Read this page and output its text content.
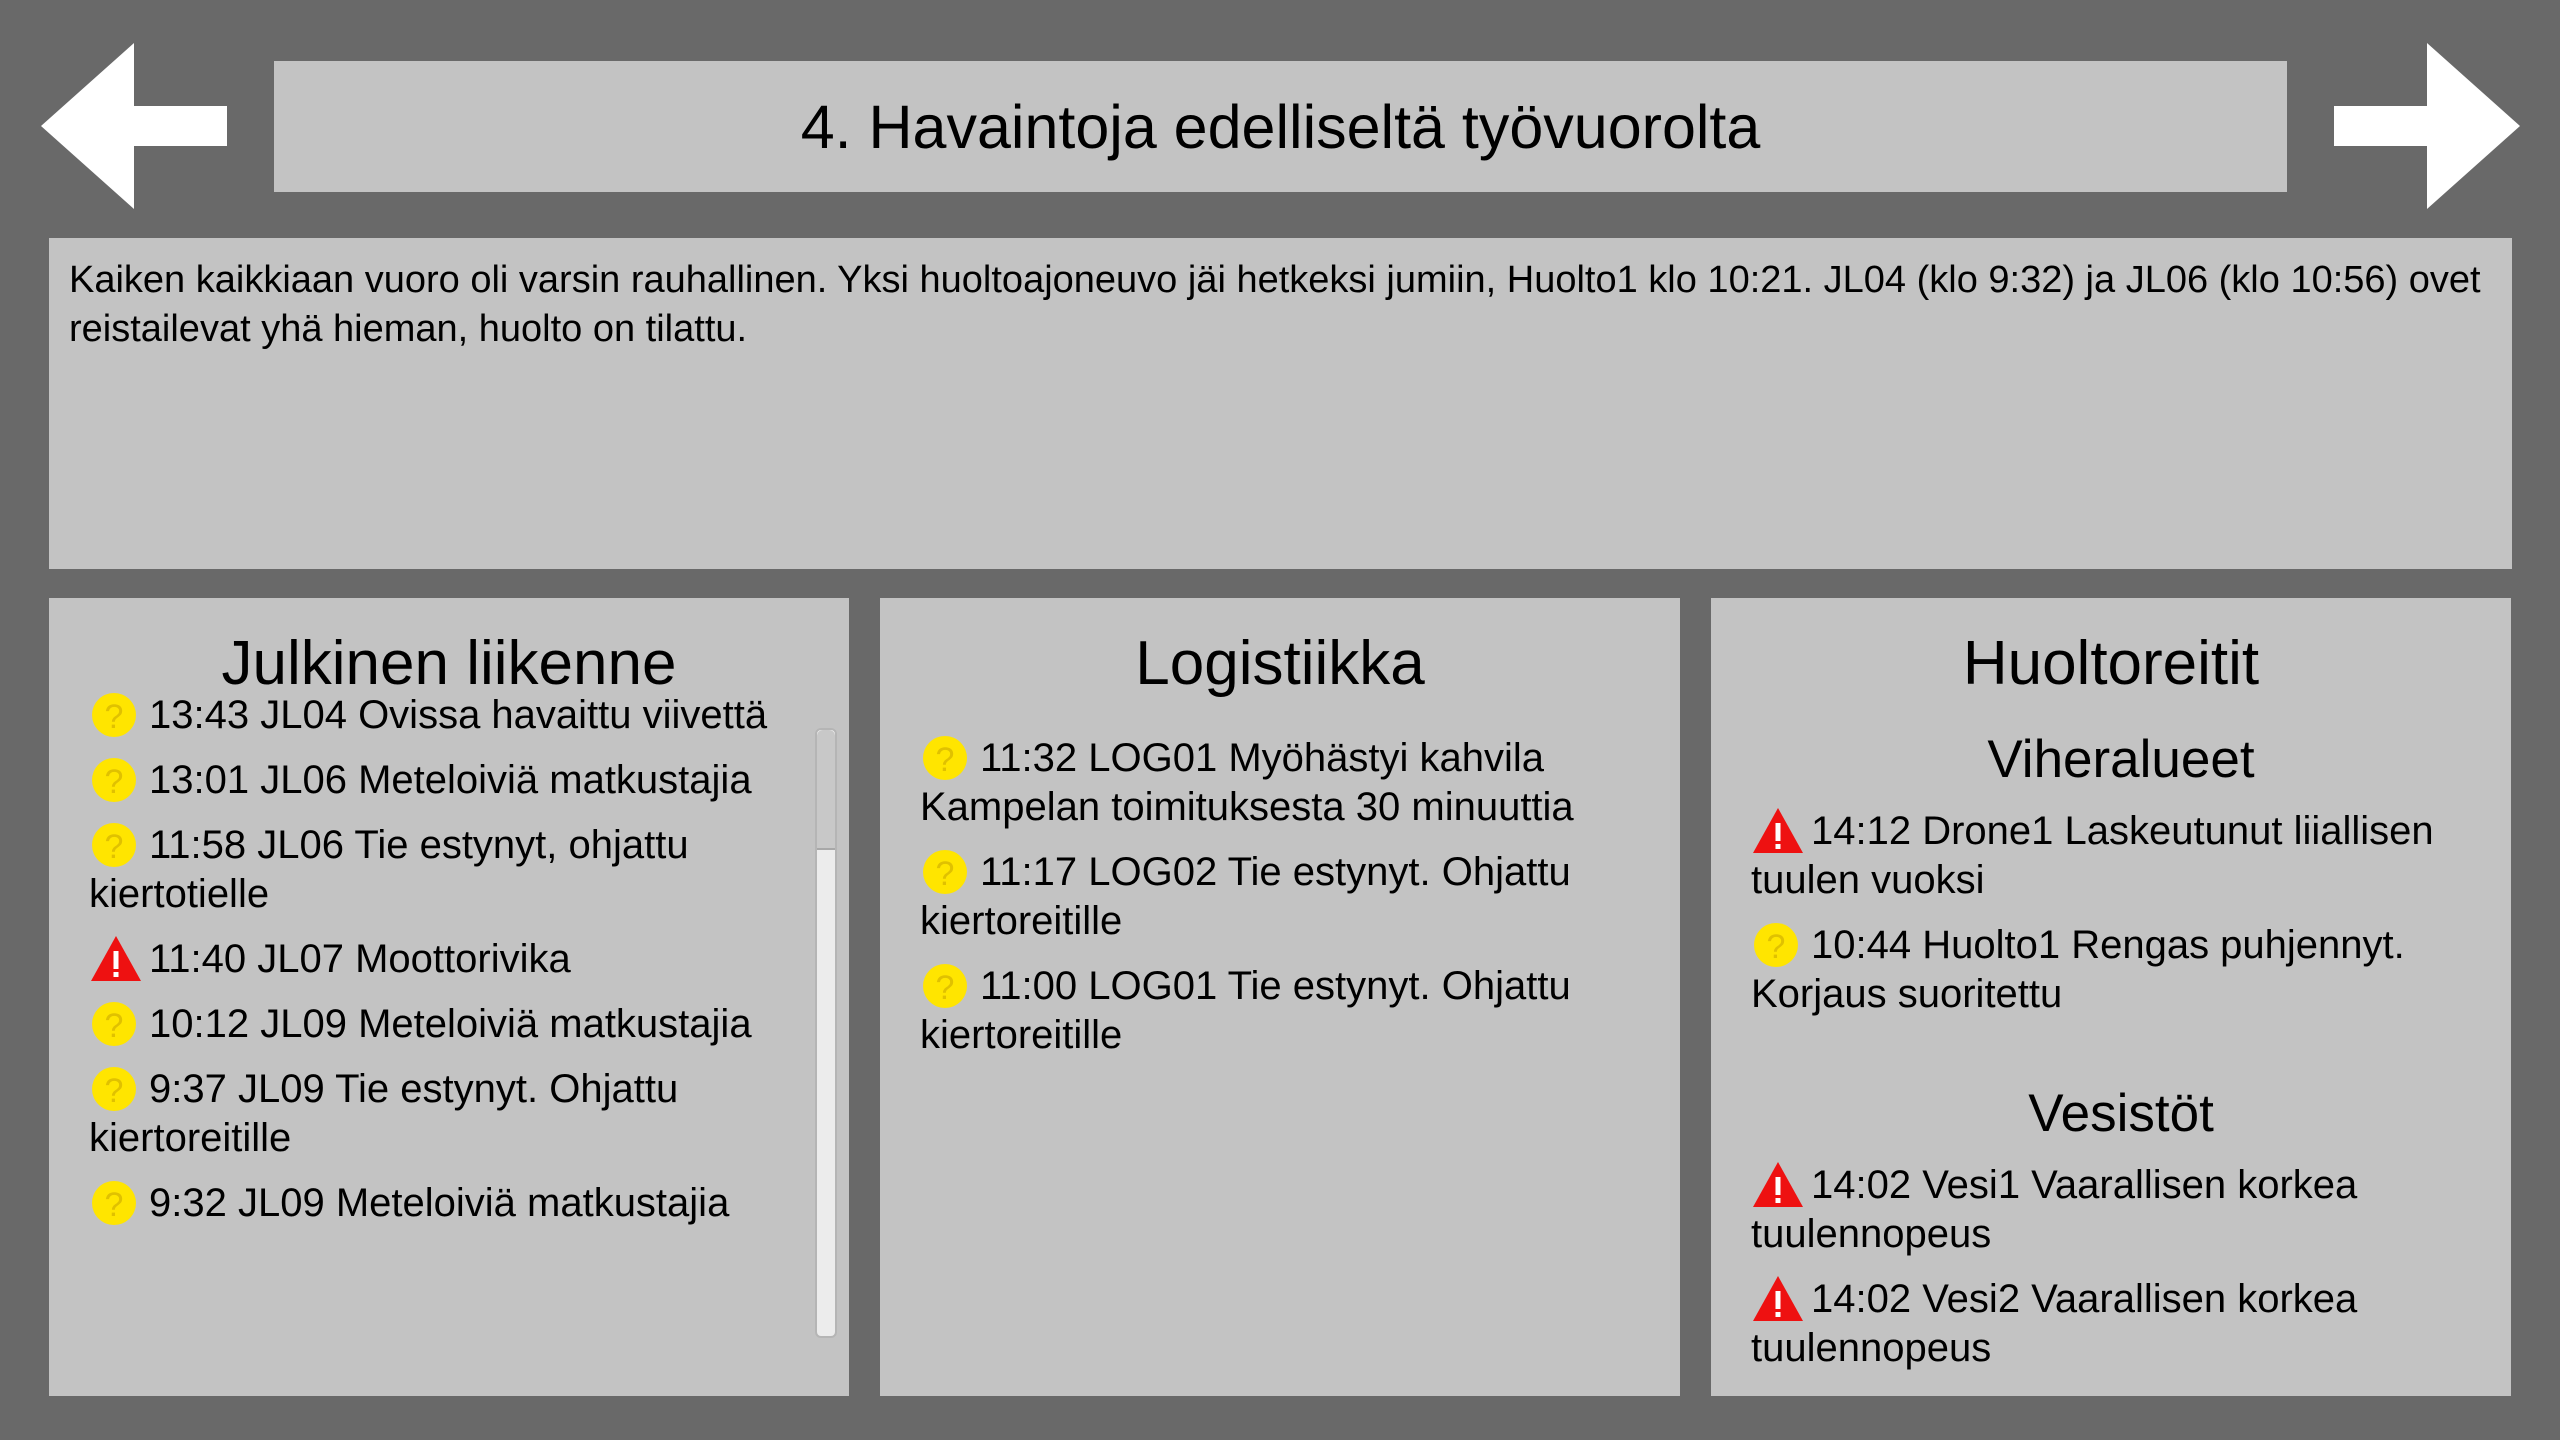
4. Havaintoja edelliseltä työvuorolta
Kaiken kaikkiaan vuoro oli varsin rauhallinen. Yksi huoltoajoneuvo jäi hetkeksi jumiin, Huolto1 klo 10:21. JL04 (klo 9:32) ja JL06 (klo 10:56) ovet reistailevat yhä hieman, huolto on tilattu.
Julkinen liikenne
? 13:43 JL04 Ovissa havaittu viivettä
? 13:01 JL06 Meteloiviä matkustajia
? 11:58 JL06 Tie estynyt, ohjattu kiertotielle
11:40 JL07 Moottorivika
? 10:12 JL09 Meteloiviä matkustajia
? 9:37 JL09 Tie estynyt. Ohjattu kiertoreitille
? 9:32 JL09 Meteloiviä matkustajia
Logistiikka
? 11:32 LOG01 Myöhästyi kahvila Kampelan toimituksesta 30 minuuttia
? 11:17 LOG02 Tie estynyt. Ohjattu kiertoreitille
? 11:00 LOG01 Tie estynyt. Ohjattu kiertoreitille
Huoltoreitit
Viheralueet
14:12 Drone1 Laskeutunut liiallisen tuulen vuoksi
? 10:44 Huolto1 Rengas puhjennyt. Korjaus suoritettu
Vesistöt
14:02 Vesi1 Vaarallisen korkea tuulennopeus
14:02 Vesi2 Vaarallisen korkea tuulennopeus
